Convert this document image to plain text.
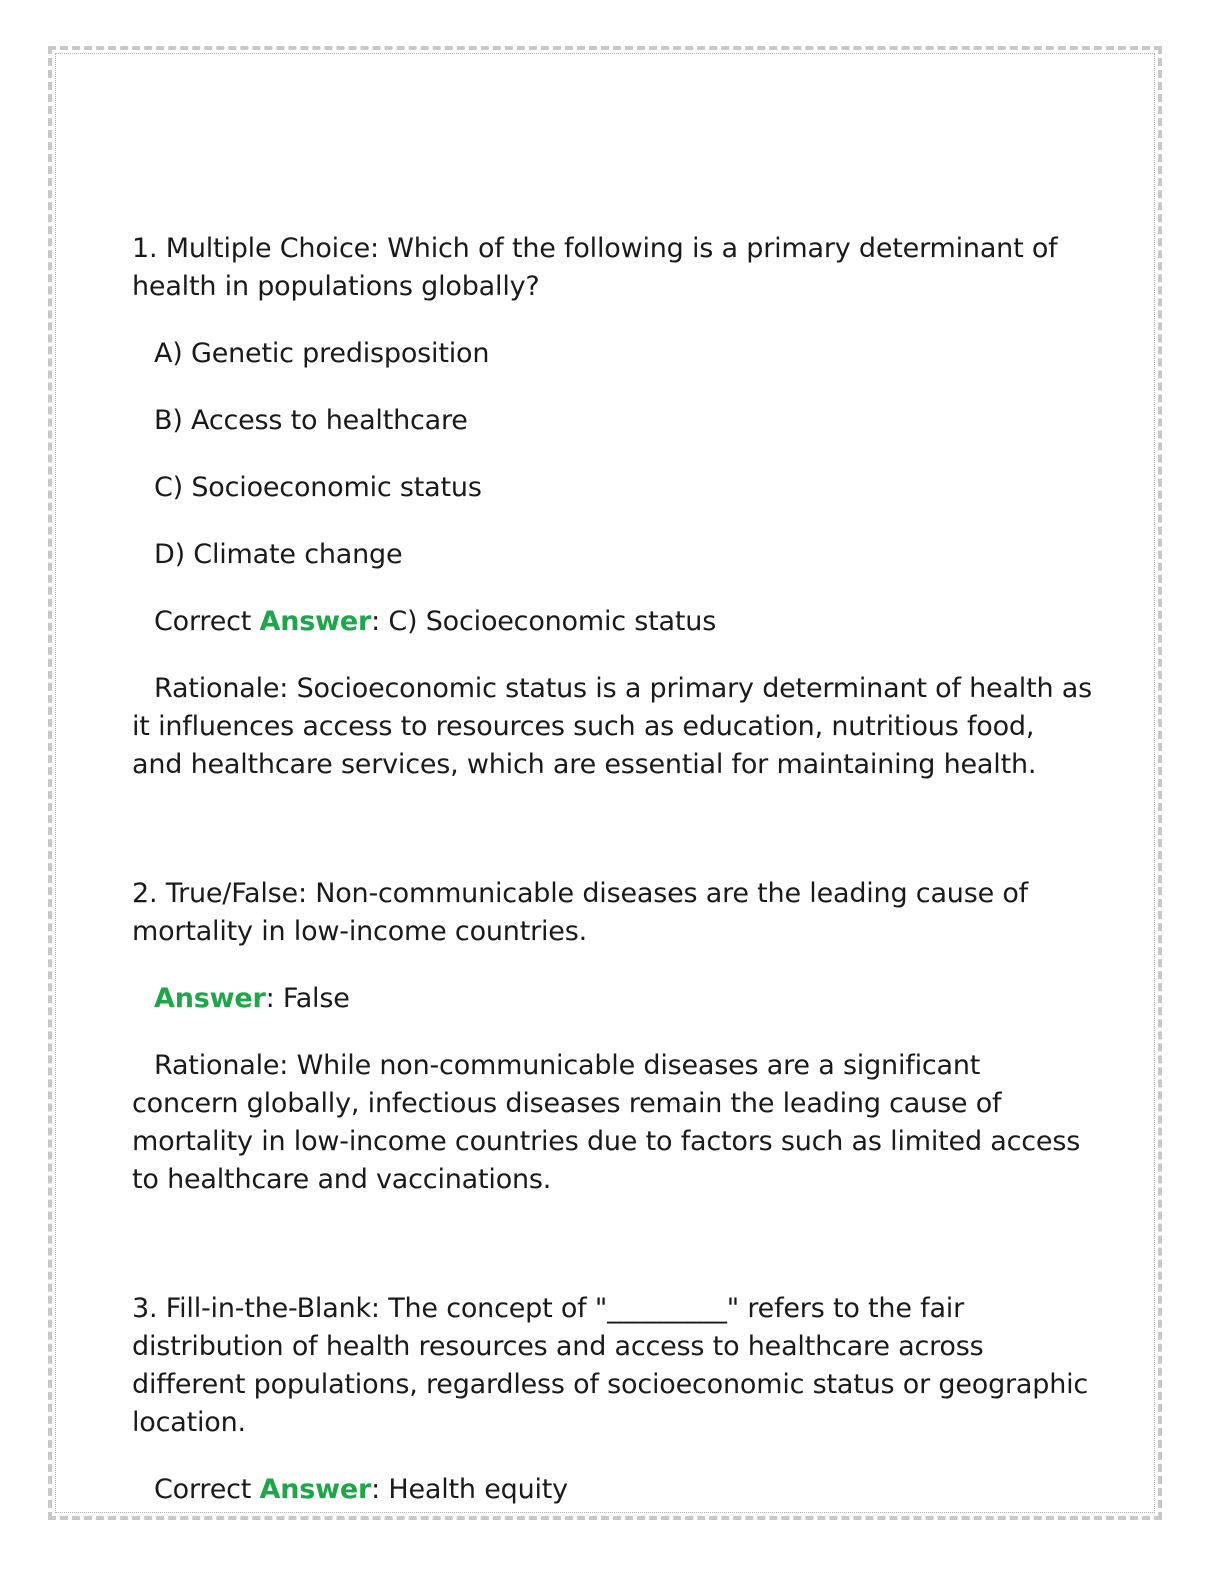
1. Multiple Choice: Which of the following is a primary determinant of health in populations globally?

A) Genetic predisposition

B) Access to healthcare

C) Socioeconomic status

D) Climate change

Correct Answer: C) Socioeconomic status

Rationale: Socioeconomic status is a primary determinant of health as it influences access to resources such as education, nutritious food, and healthcare services, which are essential for maintaining health.

2. True/False: Non-communicable diseases are the leading cause of mortality in low-income countries.

Answer: False

Rationale: While non-communicable diseases are a significant concern globally, infectious diseases remain the leading cause of mortality in low-income countries due to factors such as limited access to healthcare and vaccinations.

3. Fill-in-the-Blank: The concept of "_________" refers to the fair distribution of health resources and access to healthcare across different populations, regardless of socioeconomic status or geographic location.

Correct Answer: Health equity
